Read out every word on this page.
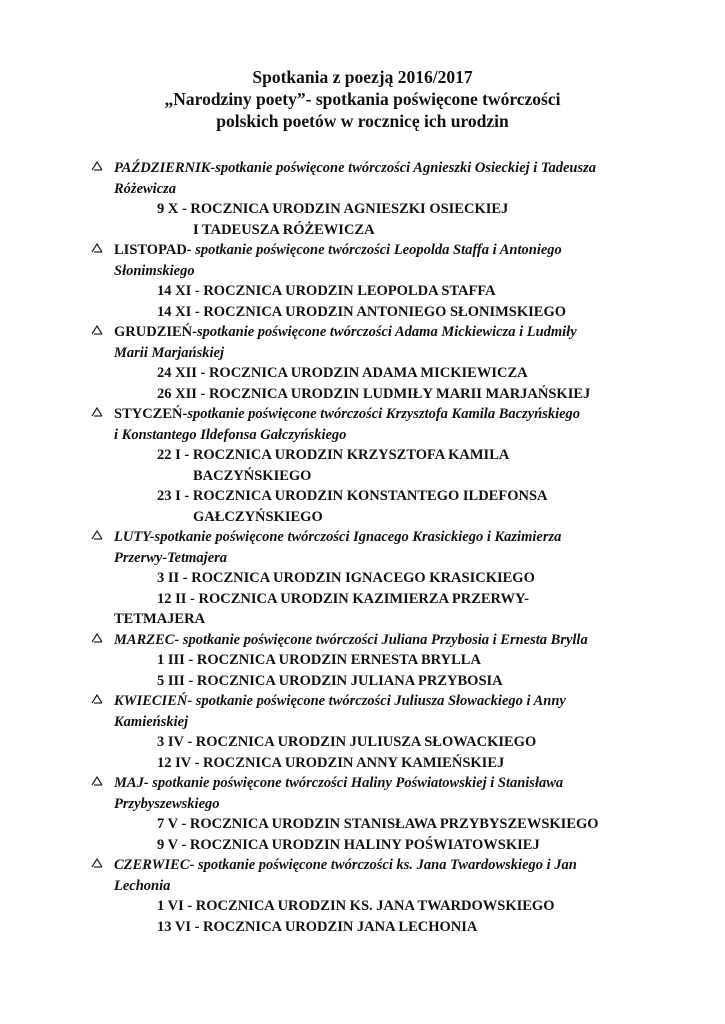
Spotkania z poezją 2016/2017
„Narodziny poety”- spotkania poświęcone twórczości
polskich poetów w rocznicę ich urodzin
PAŹDZIERNIK-spotkanie poświęcone twórczości Agnieszki Osieckiej i Tadeusza
Różewicza
9 X - ROCZNICA URODZIN AGNIESZKI OSIECKIEJ
I TADEUSZA RÓŻEWICZA
LISTOPAD- spotkanie poświęcone twórczości Leopolda Staffa i Antoniego
Słonimskiego
14 XI - ROCZNICA URODZIN LEOPOLDA STAFFA
14 XI - ROCZNICA URODZIN ANTONIEGO SŁONIMSKIEGO
GRUDZIEŃ-spotkanie poświęcone twórczości Adama Mickiewicza i Ludmiły
Marii Marjańskiej
24 XII - ROCZNICA URODZIN ADAMA MICKIEWICZA
26 XII - ROCZNICA URODZIN LUDMIŁY MARII MARJAŃSKIEJ
STYCZEŃ-spotkanie poświęcone twórczości Krzysztofa Kamila Baczyńskiego
i Konstantego Ildefonsa Gałczyńskiego
22 I - ROCZNICA URODZIN KRZYSZTOFA KAMILA
BACZYŃSKIEGO
23 I - ROCZNICA URODZIN KONSTANTEGO ILDEFONSA
GAŁCZYŃSKIEGO
LUTY-spotkanie poświęcone twórczości Ignacego Krasickiego i Kazimierza
Przerwy-Tetmajera
3 II - ROCZNICA URODZIN IGNACEGO KRASICKIEGO
12 II - ROCZNICA URODZIN KAZIMIERZA PRZERWY-
TETMAJERA
MARZEC- spotkanie poświęcone twórczości Juliana Przybosia i Ernesta Brylla
1 III - ROCZNICA URODZIN ERNESTA BRYLLA
5 III - ROCZNICA URODZIN JULIANA PRZYBOSIA
KWIECIEŃ- spotkanie poświęcone twórczości Juliusza Słowackiego i Anny
Kamieńskiej
3 IV - ROCZNICA URODZIN JULIUSZA SŁOWACKIEGO
12 IV - ROCZNICA URODZIN ANNY KAMIEŃSKIEJ
MAJ- spotkanie poświęcone twórczości Haliny Poświatowskiej i Stanisława
Przybyszewskiego
7 V - ROCZNICA URODZIN STANISŁAWA PRZYBYSZEWSKIEGO
9 V - ROCZNICA URODZIN HALINY POŚWIATOWSKIEJ
CZERWIEC- spotkanie poświęcone twórczości ks. Jana Twardowskiego i Jan
Lechonia
1 VI - ROCZNICA URODZIN KS. JANA TWARDOWSKIEGO
13 VI - ROCZNICA URODZIN JANA LECHONIA
